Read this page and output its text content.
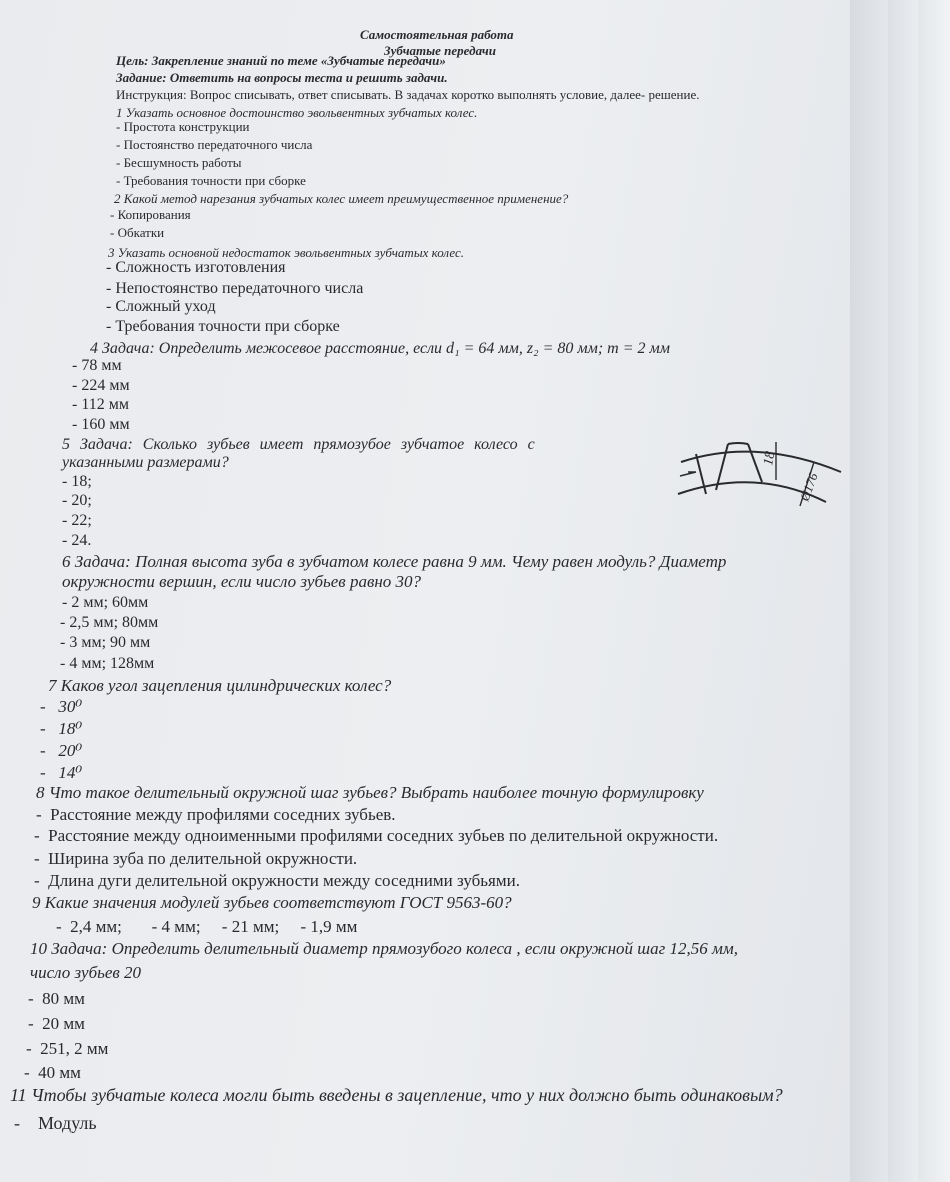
Самостоятельная работа
Зубчатые передачи
Цель: Закрепление знаний по теме «Зубчатые передачи»
Задание: Ответить на вопросы теста и решить задачи.
Инструкция: Вопрос списывать, ответ списывать. В задачах коротко выполнять условие, далее- решение.
1 Указать основное достоинство эвольвентных зубчатых колес.
- Простота конструкции
- Постоянство передаточного числа
- Бесшумность работы
- Требования точности при сборке
2 Какой метод нарезания зубчатых колес имеет преимущественное применение?
- Копирования
- Обкатки
3 Указать основной недостаток эвольвентных зубчатых колес.
- Сложность изготовления
- Непостоянство передаточного числа
- Сложный уход
- Требования точности при сборке
4 Задача: Определить межосевое расстояние, если d₁ = 64 мм, z₂ = 80 мм; m = 2 мм
- 78 мм
- 224 мм
- 112 мм
- 160 мм
5 Задача: Сколько зубьев имеет прямозубое зубчатое колесо с
указанными размерами?
- 18;
- 20;
- 22;
- 24.
18
Ø176
6 Задача: Полная высота зуба в зубчатом колесе равна 9 мм. Чему равен модуль? Диаметр
окружности вершин, если число зубьев равно 30?
- 2 мм; 60мм
- 2,5 мм; 80мм
- 3 мм; 90 мм
- 4 мм; 128мм
7 Каков угол зацепления цилиндрических колес?
-   30⁰
-   18⁰
-   20⁰
-   14⁰
8 Что такое делительный окружной шаг зубьев? Выбрать наиболее точную формулировку
-  Расстояние между профилями соседних зубьев.
-  Расстояние между одноименными профилями соседних зубьев по делительной окружности.
-  Ширина зуба по делительной окружности.
-  Длина дуги делительной окружности между соседними зубьями.
9 Какие значения модулей зубьев соответствуют ГОСТ 9563-60?
-  2,4 мм;       - 4 мм;     - 21 мм;     - 1,9 мм
10 Задача: Определить делительный диаметр прямозубого колеса , если окружной шаг 12,56 мм,
число зубьев 20
-  80 мм
-  20 мм
-  251, 2 мм
-  40 мм
11 Чтобы зубчатые колеса могли быть введены в зацепление, что у них должно быть одинаковым?
-    Модуль
